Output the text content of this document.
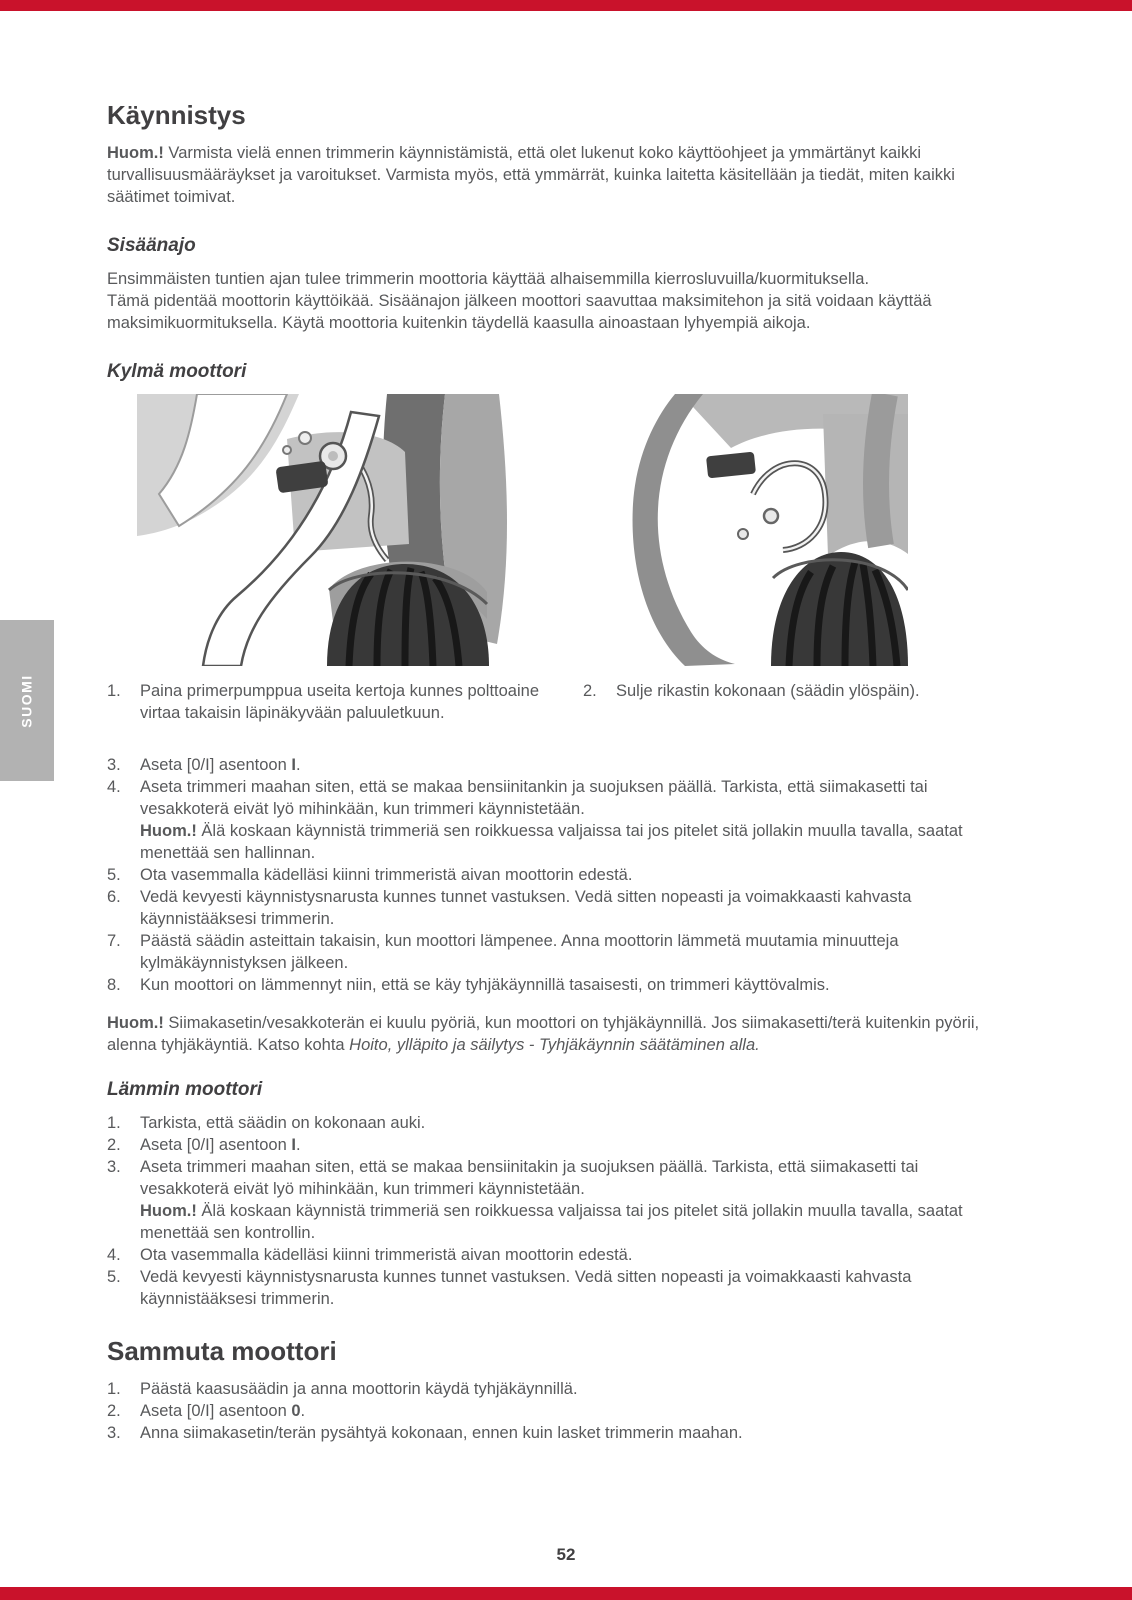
SUOMI
Käynnistys

Huom.! Varmista vielä ennen trimmerin käynnistämistä, että olet lukenut koko käyttöohjeet ja ymmärtänyt kaikki turvallisuusmääräykset ja varoitukset. Varmista myös, että ymmärrät, kuinka laitetta käsitellään ja tiedät, miten kaikki säätimet toimivat.

Sisäänajo

Ensimmäisten tuntien ajan tulee trimmerin moottoria käyttää alhaisemmilla kierrosluvuilla/kuormituksella.
Tämä pidentää moottorin käyttöikää. Sisäänajon jälkeen moottori saavuttaa maksimitehon ja sitä voidaan käyttää maksimikuormituksella. Käytä moottoria kuitenkin täydellä kaasulla ainoastaan lyhyempiä aikoja.

Kylmä moottori
1.	Paina primerpumppua useita kertoja kunnes polttoaine virtaa takaisin läpinäkyvään paluuletkuun.
2.	Sulje rikastin kokonaan (säädin ylöspäin).
3.	Aseta [0/I] asentoon I.
4.	Aseta trimmeri maahan siten, että se makaa bensiinitankin ja suojuksen päällä. Tarkista, että siimakasetti tai vesakkoterä eivät lyö mihinkään, kun trimmeri käynnistetään.
Huom.! Älä koskaan käynnistä trimmeriä sen roikkuessa valjaissa tai jos pitelet sitä jollakin muulla tavalla, saatat menettää sen hallinnan.
5.	Ota vasemmalla kädelläsi kiinni trimmeristä aivan moottorin edestä.
6.	Vedä kevyesti käynnistysnarusta kunnes tunnet vastuksen. Vedä sitten nopeasti ja voimakkaasti kahvasta käynnistääksesi trimmerin.
7.	Päästä säädin asteittain takaisin, kun moottori lämpenee. Anna moottorin lämmetä muutamia minuutteja kylmäkäynnistyksen jälkeen.
8.	Kun moottori on lämmennyt niin, että se käy tyhjäkäynnillä tasaisesti, on trimmeri käyttövalmis.

Huom.! Siimakasetin/vesakkoterän ei kuulu pyöriä, kun moottori on tyhjäkäynnillä. Jos siimakasetti/terä kuitenkin pyörii, alenna tyhjäkäyntiä. Katso kohta Hoito, ylläpito ja säilytys - Tyhjäkäynnin säätäminen alla.

Lämmin moottori
1.	Tarkista, että säädin on kokonaan auki.
2.	Aseta [0/I] asentoon I.
3.	Aseta trimmeri maahan siten, että se makaa bensiinitakin ja suojuksen päällä. Tarkista, että siimakasetti tai vesakkoterä eivät lyö mihinkään, kun trimmeri käynnistetään.
Huom.! Älä koskaan käynnistä trimmeriä sen roikkuessa valjaissa tai jos pitelet sitä jollakin muulla tavalla, saatat menettää sen kontrollin.
4.	Ota vasemmalla kädelläsi kiinni trimmeristä aivan moottorin edestä.
5.	Vedä kevyesti käynnistysnarusta kunnes tunnet vastuksen. Vedä sitten nopeasti ja voimakkaasti kahvasta käynnistääksesi trimmerin.
Sammuta moottori
1.	Päästä kaasusäädin ja anna moottorin käydä tyhjäkäynnillä.
2.	Aseta [0/I] asentoon 0.
3.	Anna siimakasetin/terän pysähtyä kokonaan, ennen kuin lasket trimmerin maahan.
52
